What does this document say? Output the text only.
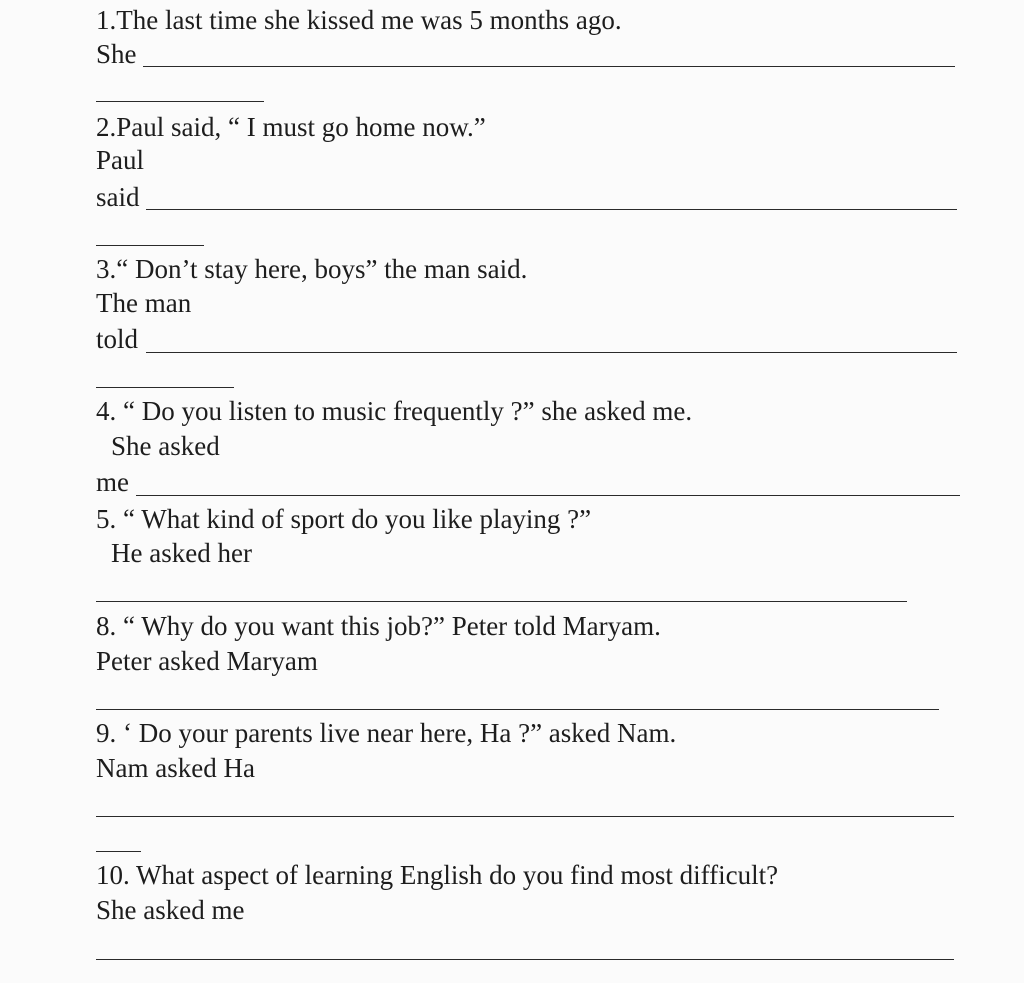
1.The last time she kissed me was 5 months ago.
She
2.Paul said, “ I must go home now.”
Paul
said
3.“ Don’t stay here, boys” the man said.
The man
told
4. “ Do you listen to music frequently ?” she asked me.
She asked
me
5. “ What kind of sport do you like playing ?”
He asked her
8. “ Why do you want this job?” Peter told Maryam.
Peter asked Maryam
9. ‘ Do your parents live near here, Ha ?” asked Nam.
Nam asked Ha
10. What aspect of learning English do you find most difficult?
She asked me
